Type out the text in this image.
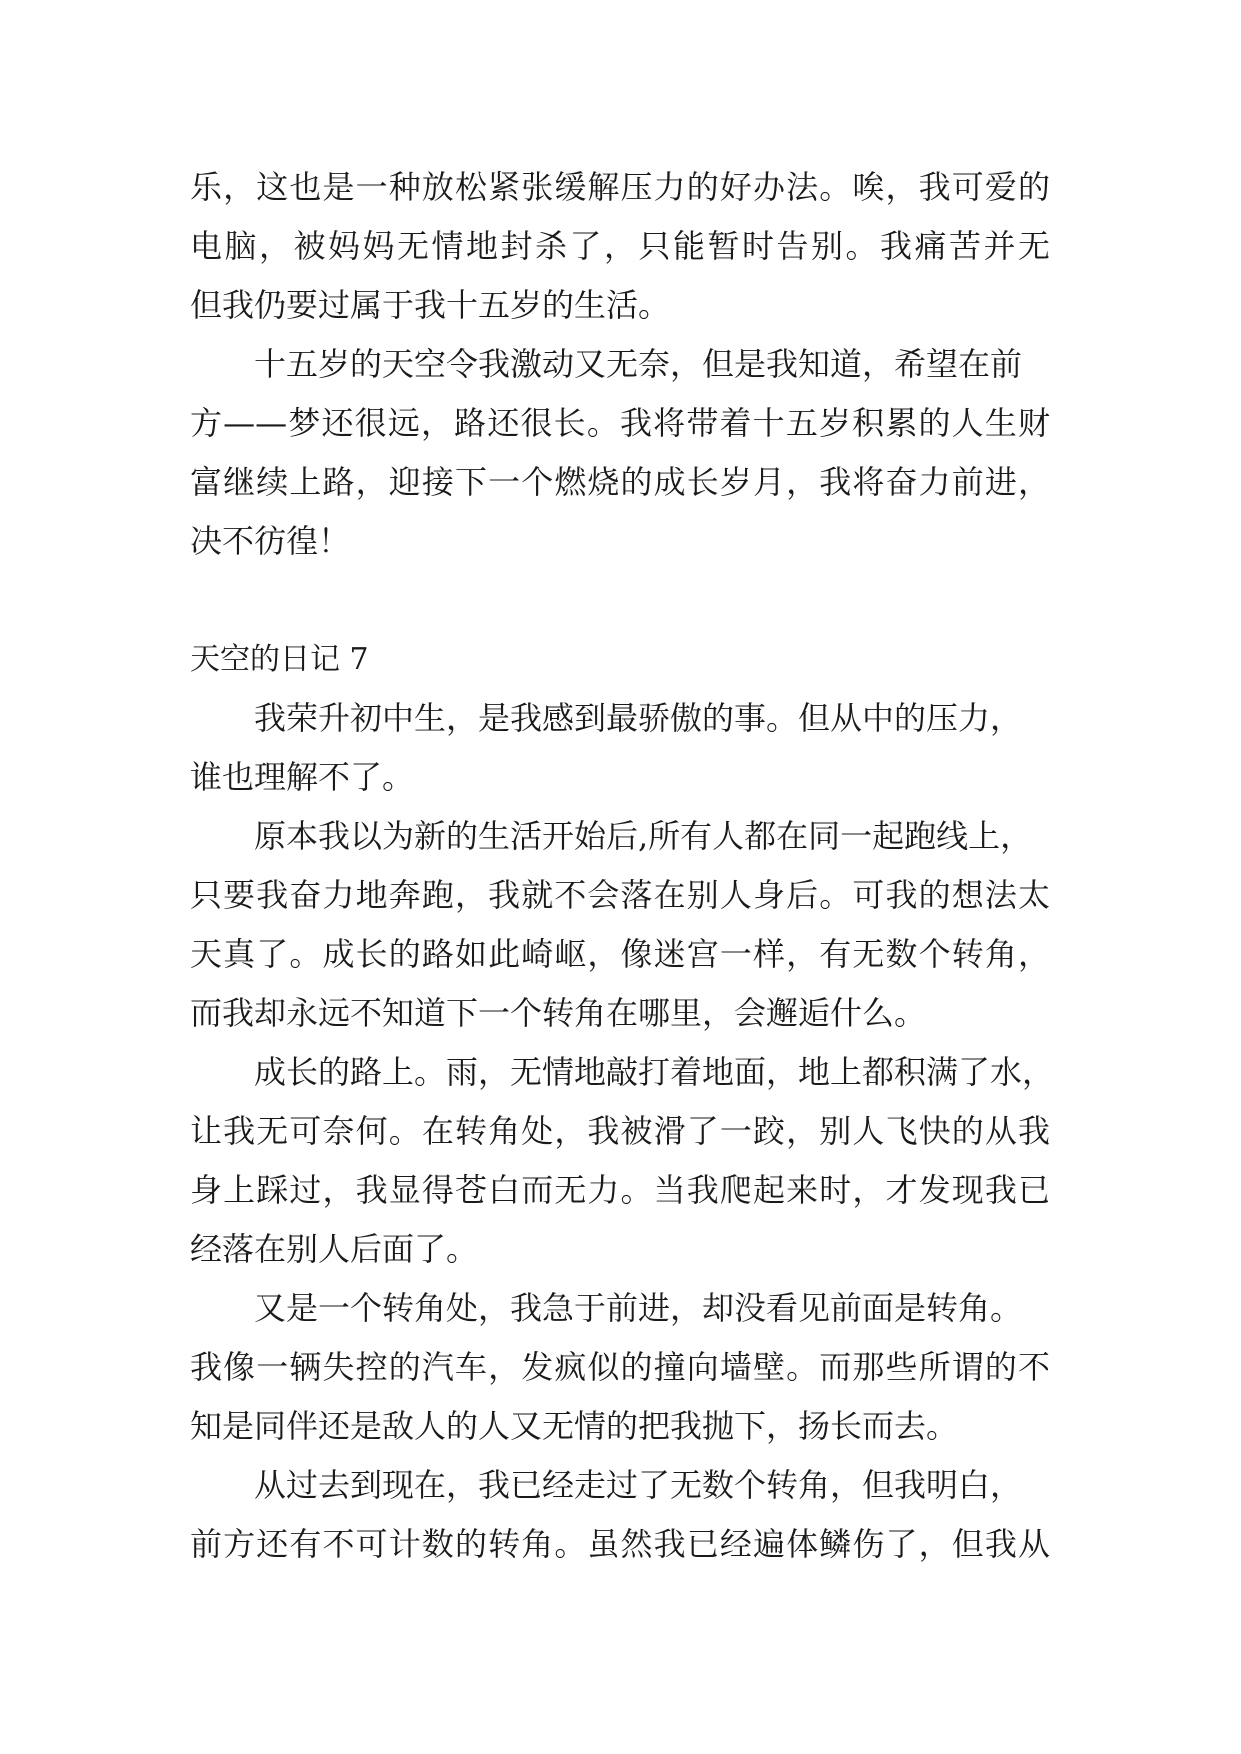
乐，这也是一种放松紧张缓解压力的好办法。唉，我可爱的
电脑，被妈妈无情地封杀了，只能暂时告别。我痛苦并无
但我仍要过属于我十五岁的生活。
十五岁的天空令我激动又无奈，但是我知道，希望在前
方——梦还很远，路还很长。我将带着十五岁积累的人生财
富继续上路，迎接下一个燃烧的成长岁月，我将奋力前进，
决不彷徨！
天空的日记 7
我荣升初中生，是我感到最骄傲的事。但从中的压力，
谁也理解不了。
原本我以为新的生活开始后,所有人都在同一起跑线上，
只要我奋力地奔跑，我就不会落在别人身后。可我的想法太
天真了。成长的路如此崎岖，像迷宫一样，有无数个转角，
而我却永远不知道下一个转角在哪里，会邂逅什么。
成长的路上。雨，无情地敲打着地面，地上都积满了水，
让我无可奈何。在转角处，我被滑了一跤，别人飞快的从我
身上踩过，我显得苍白而无力。当我爬起来时，才发现我已
经落在别人后面了。
又是一个转角处，我急于前进，却没看见前面是转角。
我像一辆失控的汽车，发疯似的撞向墙壁。而那些所谓的不
知是同伴还是敌人的人又无情的把我抛下，扬长而去。
从过去到现在，我已经走过了无数个转角，但我明白，
前方还有不可计数的转角。虽然我已经遍体鳞伤了，但我从
